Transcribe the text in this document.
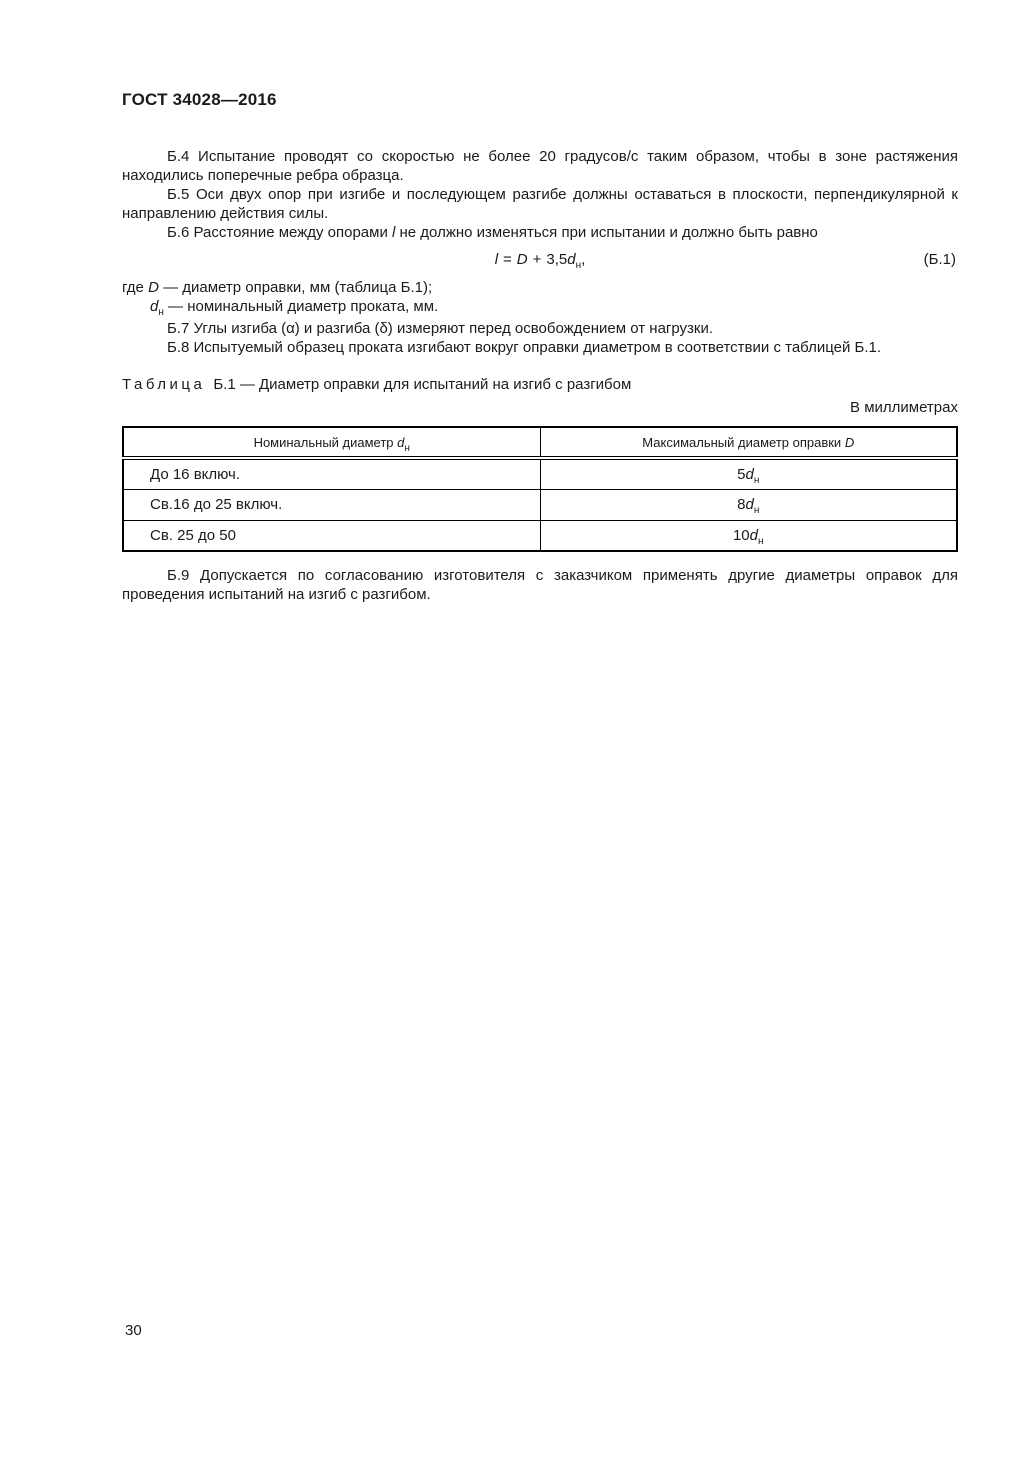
ГОСТ 34028—2016

Б.4 Испытание проводят со скоростью не более 20 градусов/с таким образом, чтобы в зоне растяжения находились поперечные ребра образца.

Б.5 Оси двух опор при изгибе и последующем разгибе должны оставаться в плоскости, перпендикулярной к направлению действия силы.

Б.6 Расстояние между опорами l не должно изменяться при испытании и должно быть равно

$l = D + 3,5d_н$,	(Б.1)

где D — диаметр оправки, мм (таблица Б.1);

$d_н$ — номинальный диаметр проката, мм.

Б.7 Углы изгиба (α) и разгиба (δ) измеряют перед освобождением от нагрузки.

Б.8 Испытуемый образец проката изгибают вокруг оправки диаметром в соответствии с таблицей Б.1.

Таблица Б.1 — Диаметр оправки для испытаний на изгиб с разгибом
В миллиметрах
Номинальный диаметр $d_н$	Максимальный диаметр оправки D
До 16 включ.	$5d_н$
Св.16 до 25 включ.	$8d_н$
Св. 25 до 50	$10d_н$

Б.9 Допускается по согласованию изготовителя с заказчиком применять другие диаметры оправок для проведения испытаний на изгиб с разгибом.

30
